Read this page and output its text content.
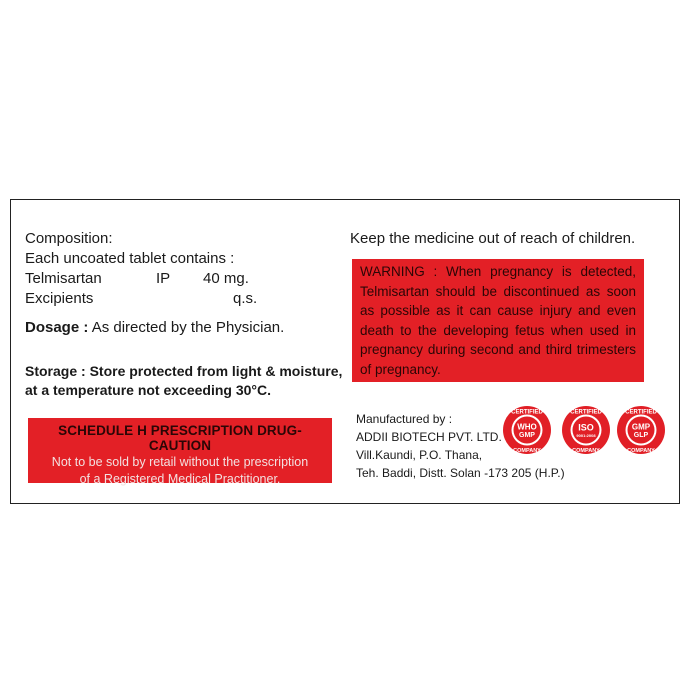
Composition:
Each uncoated tablet contains :
Telmisartan	IP 40 mg.
Excipients	q.s.
Dosage : As directed by the Physician.
Storage : Store protected from light & moisture,
at a temperature not exceeding 30°C.
SCHEDULE H PRESCRIPTION DRUG-CAUTION
Not to be sold by retail without the prescription
of a Registered Medical Practitioner.
Keep the medicine out of reach of children.
WARNING : When pregnancy is detected, Telmisartan should be discontinued as soon as possible as it can cause injury and even death to the developing fetus when used in pregnancy during second and third trimesters of pregnancy.
Manufactured by :
ADDII BIOTECH PVT. LTD.
Vill.Kaundi, P.O. Thana,
Teh. Baddi, Distt. Solan -173 205 (H.P.)
CERTIFIED
WHO
GMP
COMPANY
CERTIFIED
ISO
9001:2008
COMPANY
CERTIFIED
GMP
GLP
COMPANY
